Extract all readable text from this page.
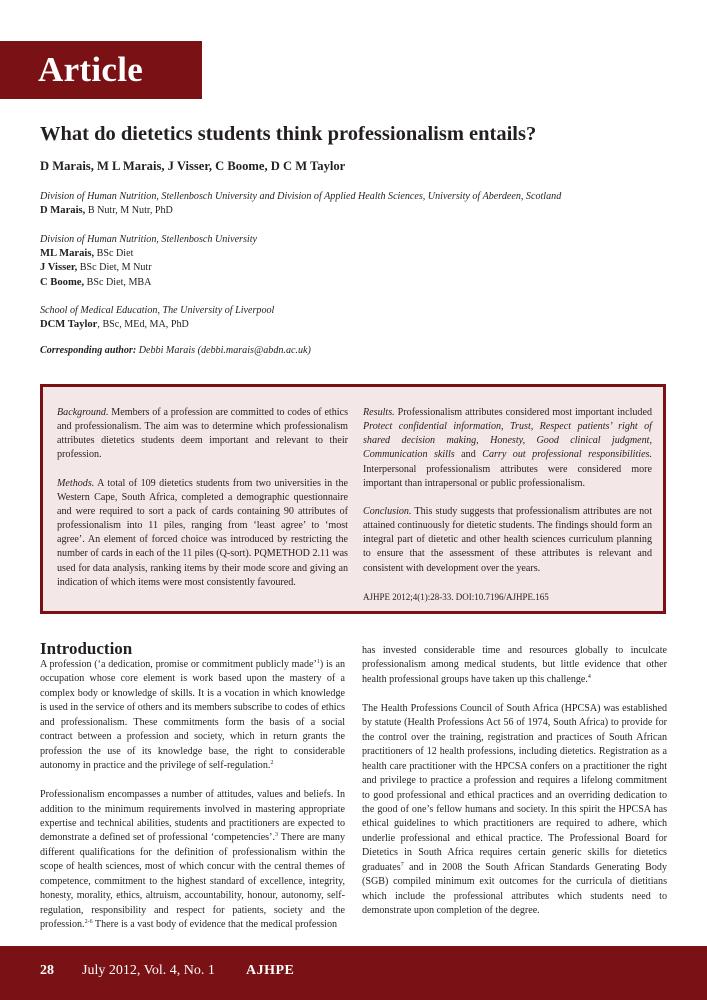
Article
What do dietetics students think professionalism entails?
D Marais, M L Marais, J Visser, C Boome, D C M Taylor
Division of Human Nutrition, Stellenbosch University and Division of Applied Health Sciences, University of Aberdeen, Scotland
D Marais, B Nutr, M Nutr, PhD
Division of Human Nutrition, Stellenbosch University
ML Marais, BSc Diet
J Visser, BSc Diet, M Nutr
C Boome, BSc Diet, MBA
School of Medical Education, The University of Liverpool
DCM Taylor, BSc, MEd, MA, PhD
Corresponding author: Debbi Marais (debbi.marais@abdn.ac.uk)

Background. Members of a profession are committed to codes of ethics and professionalism. The aim was to determine which professionalism attributes dietetics students deem important and relevant to their profession.

Methods. A total of 109 dietetics students from two universities in the Western Cape, South Africa, completed a demographic questionnaire and were required to sort a pack of cards containing 90 attributes of professionalism into 11 piles, ranging from ‘least agree’ to ‘most agree’. An element of forced choice was introduced by restricting the number of cards in each of the 11 piles (Q-sort). PQMETHOD 2.11 was used for data analysis, ranking items by their mode score and giving an indication of which items were most consistently favoured.

Results. Professionalism attributes considered most important included Protect confidential information, Trust, Respect patients’ right of shared decision making, Honesty, Good clinical judgment, Communication skills and Carry out professional responsibilities. Interpersonal professionalism attributes were considered more important than intrapersonal or public professionalism.

Conclusion. This study suggests that professionalism attributes are not attained continuously for dietetic students. The findings should form an integral part of dietetic and other health sciences curriculum planning to ensure that the assessment of these attributes is relevant and consistent with development over the years.

AJHPE 2012;4(1):28-33. DOI:10.7196/AJHPE.165

Introduction

A profession (‘a dedication, promise or commitment publicly made’$^1$) is an occupation whose core element is work based upon the mastery of a complex body or knowledge of skills. It is a vocation in which knowledge is used in the service of others and its members subscribe to codes of ethics and professionalism. These commitments form the basis of a social contract between a profession and society, which in return grants the profession the use of its knowledge base, the right to considerable autonomy in practice and the privilege of self-regulation.$^2$

Professionalism encompasses a number of attitudes, values and beliefs. In addition to the minimum requirements involved in mastering appropriate expertise and technical abilities, students and practitioners are expected to demonstrate a defined set of professional ‘competencies’.$^3$ There are many different qualifications for the definition of professionalism within the scope of health sciences, most of which concur with the central themes of competence, commitment to the highest standard of excellence, integrity, honesty, morality, ethics, altruism, accountability, honour, autonomy, self-regulation, responsibility and respect for patients, society and the profession.$^{2-6}$ There is a vast body of evidence that the medical profession

has invested considerable time and resources globally to inculcate professionalism among medical students, but little evidence that other health professional groups have taken up this challenge.$^4$

The Health Professions Council of South Africa (HPCSA) was established by statute (Health Professions Act 56 of 1974, South Africa) to provide for the control over the training, registration and practices of South African practitioners of 12 health professions, including dietetics. Registration as a health care practitioner with the HPCSA confers on a practitioner the right and privilege to practice a profession and requires a lifelong commitment to good professional and ethical practices and an overriding dedication to the good of one’s fellow humans and society. In this spirit the HPCSA has ethical guidelines to which practitioners are required to adhere, which underlie professional and ethical practice. The Professional Board for Dietetics in South Africa requires certain generic skills for dietetics graduates$^7$ and in 2008 the South African Standards Generating Body (SGB) compiled minimum exit outcomes for the curricula of dietitians which include the professional attributes which students need to demonstrate upon completion of the degree.

28 July 2012, Vol. 4, No. 1 AJHPE
